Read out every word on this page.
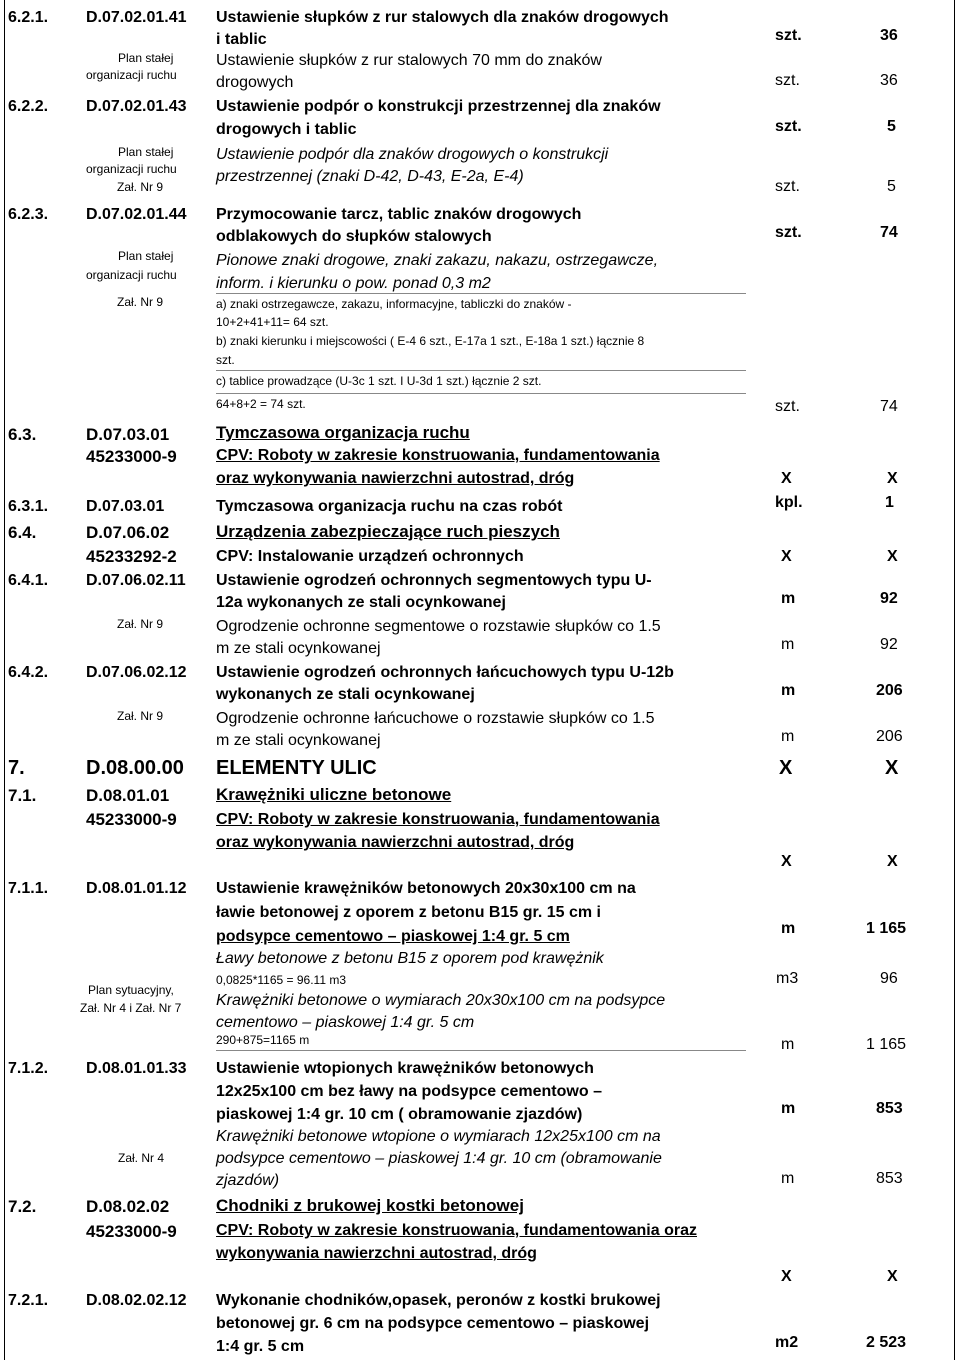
6.2.1. D.07.02.01.41 Ustawienie słupków z rur stalowych dla znaków drogowych
i tablic	szt.	36
Plan stałej
organizacji ruchu
Ustawienie słupków z rur stalowych 70 mm do znaków
drogowych	szt.	36
6.2.2. D.07.02.01.43 Ustawienie podpór o konstrukcji przestrzennej dla znaków
drogowych i tablic	szt.	5
Plan stałej
organizacji ruchu
Zał. Nr 9
Ustawienie podpór dla znaków drogowych o konstrukcji
przestrzennej (znaki D-42, D-43, E-2a, E-4)
szt.	5
6.2.3. D.07.02.01.44 Przymocowanie tarcz, tablic znaków drogowych
odblakowych do słupków stalowych	szt.	74
Plan stałej
organizacji ruchu
Zał. Nr 9
Pionowe znaki drogowe, znaki zakazu, nakazu, ostrzegawcze,
inform. i kierunku o pow. ponad 0,3 m2
a) znaki ostrzegawcze, zakazu, informacyjne, tabliczki do znaków -
10+2+41+11= 64 szt.
b) znaki kierunku i miejscowości ( E-4 6 szt., E-17a 1 szt., E-18a 1 szt.) łącznie 8
szt.
c) tablice prowadzące (U-3c 1 szt. I U-3d 1 szt.) łącznie 2 szt.
64+8+2 = 74 szt.	szt.	74
6.3.	D.07.03.01
45233000-9
Tymczasowa organizacja ruchu
CPV: Roboty w zakresie konstruowania, fundamentowania
oraz wykonywania nawierzchni autostrad, dróg	X	X
6.3.1. D.07.03.01	Tymczasowa organizacja ruchu na czas robót	kpl.	1
6.4.	D.07.06.02
45233292-2
Urządzenia zabezpieczające ruch pieszych
CPV: Instalowanie urządzeń ochronnych	X	X
6.4.1. D.07.06.02.11 Ustawienie ogrodzeń ochronnych segmentowych typu U-
12a wykonanych ze stali ocynkowanej	m	92
Zał. Nr 9	Ogrodzenie ochronne segmentowe o rozstawie słupków co 1.5
m ze stali ocynkowanej	m	92
6.4.2. D.07.06.02.12 Ustawienie ogrodzeń ochronnych łańcuchowych typu U-12b
wykonanych ze stali ocynkowanej	m	206
Zał. Nr 9	Ogrodzenie ochronne łańcuchowe o rozstawie słupków co 1.5
m ze stali ocynkowanej	m	206
7.	D.08.00.00 ELEMENTY ULIC	X	X
7.1.	D.08.01.01
45233000-9
Krawężniki uliczne betonowe
CPV: Roboty w zakresie konstruowania, fundamentowania
oraz wykonywania nawierzchni autostrad, dróg
X	X
7.1.1. D.08.01.01.12 Ustawienie krawężników betonowych 20x30x100 cm na
ławie betonowej z oporem z betonu B15 gr. 15 cm i
podsypce cementowo – piaskowej 1:4 gr. 5 cm	m	1 165
Ławy betonowe z betonu B15 z oporem pod krawężnik
0,0825*1165 = 96.11 m3	m3	96
Plan sytuacyjny,
Zał. Nr 4 i Zał. Nr 7 Krawężniki betonowe o wymiarach 20x30x100 cm na podsypce
cementowo – piaskowej 1:4 gr. 5 cm
290+875=1165 m	m	1 165
7.1.2. D.08.01.01.33 Ustawienie wtopionych krawężników betonowych
12x25x100 cm bez ławy na podsypce cementowo –
piaskowej 1:4 gr. 10 cm ( obramowanie zjazdów)	m	853
Zał. Nr 4
Krawężniki betonowe wtopione o wymiarach 12x25x100 cm na
podsypce cementowo – piaskowej 1:4 gr. 10 cm (obramowanie
zjazdów)	m	853
7.2.	D.08.02.02
45233000-9
Chodniki z brukowej kostki betonowej
CPV: Roboty w zakresie konstruowania, fundamentowania oraz
wykonywania nawierzchni autostrad, dróg
X	X
7.2.1. D.08.02.02.12 Wykonanie chodników,opasek, peronów z kostki brukowej
betonowej gr. 6 cm na podsypce cementowo – piaskowej
1:4 gr. 5 cm	m2	2 523
